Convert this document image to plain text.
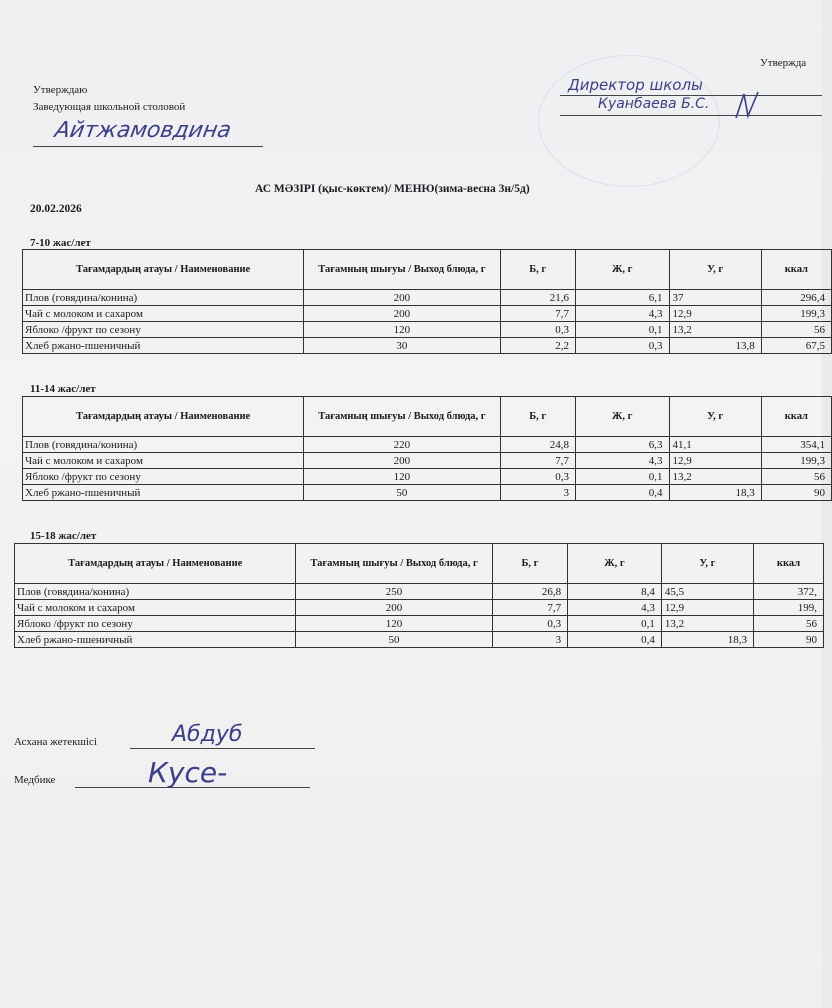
Утверждаю
Заведующая школьной столовой
Айтжамовдина
Утвержда
Директор школы
Куанбаева Б.С.
АС МӘЗІРІ (қыс-көктем)/ МЕНЮ(зима-весна 3н/5д)
20.02.2026
7-10 жас/лет
Тағамдардың атауы / Наименование	Тағамның шығуы / Выход блюда, г	Б, г	Ж, г	У, г	ккал
Плов (говядина/конина)	200	21,6	6,1	37	296,4
Чай с молоком и сахаром	200	7,7	4,3	12,9	199,3
Яблоко /фрукт по сезону	120	0,3	0,1	13,2	56
Хлеб ржано-пшеничный	30	2,2	0,3	13,8	67,5
11-14 жас/лет
Тағамдардың атауы / Наименование	Тағамның шығуы / Выход блюда, г	Б, г	Ж, г	У, г	ккал
Плов (говядина/конина)	220	24,8	6,3	41,1	354,1
Чай с молоком и сахаром	200	7,7	4,3	12,9	199,3
Яблоко /фрукт по сезону	120	0,3	0,1	13,2	56
Хлеб ржано-пшеничный	50	3	0,4	18,3	90
15-18 жас/лет
Тағамдардың атауы / Наименование	Тағамның шығуы / Выход блюда, г	Б, г	Ж, г	У, г	ккал
Плов (говядина/конина)	250	26,8	8,4	45,5	372,
Чай с молоком и сахаром	200	7,7	4,3	12,9	199,
Яблоко /фрукт по сезону	120	0,3	0,1	13,2	56
Хлеб ржано-пшеничный	50	3	0,4	18,3	90
Асхана жетекшісі	Абдуб
Медбике	Кусе-
